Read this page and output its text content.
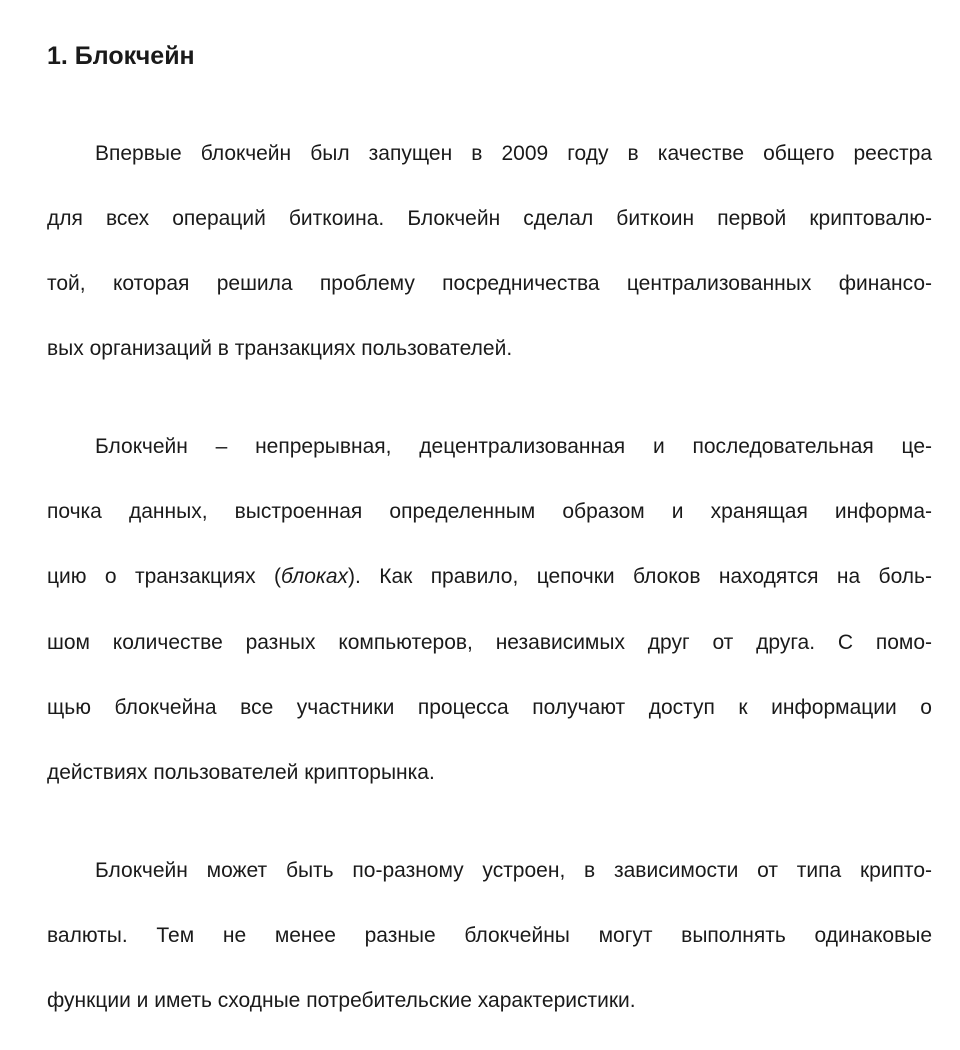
1. Блокчейн

Впервые блокчейн был запущен в 2009 году в качестве общего реестра

для всех операций биткоина. Блокчейн сделал биткоин первой криптовалю-

той, которая решила проблему посредничества централизованных финансо-

вых организаций в транзакциях пользователей.

Блокчейн – непрерывная, децентрализованная и последовательная це-

почка данных, выстроенная определенным образом и хранящая информа-

цию о транзакциях (блоках). Как правило, цепочки блоков находятся на боль-

шом количестве разных компьютеров, независимых друг от друга. С помо-

щью блокчейна все участники процесса получают доступ к информации о

действиях пользователей крипторынка.

Блокчейн может быть по-разному устроен, в зависимости от типа крипто-

валюты. Тем не менее разные блокчейны могут выполнять одинаковые

функции и иметь сходные потребительские характеристики.
